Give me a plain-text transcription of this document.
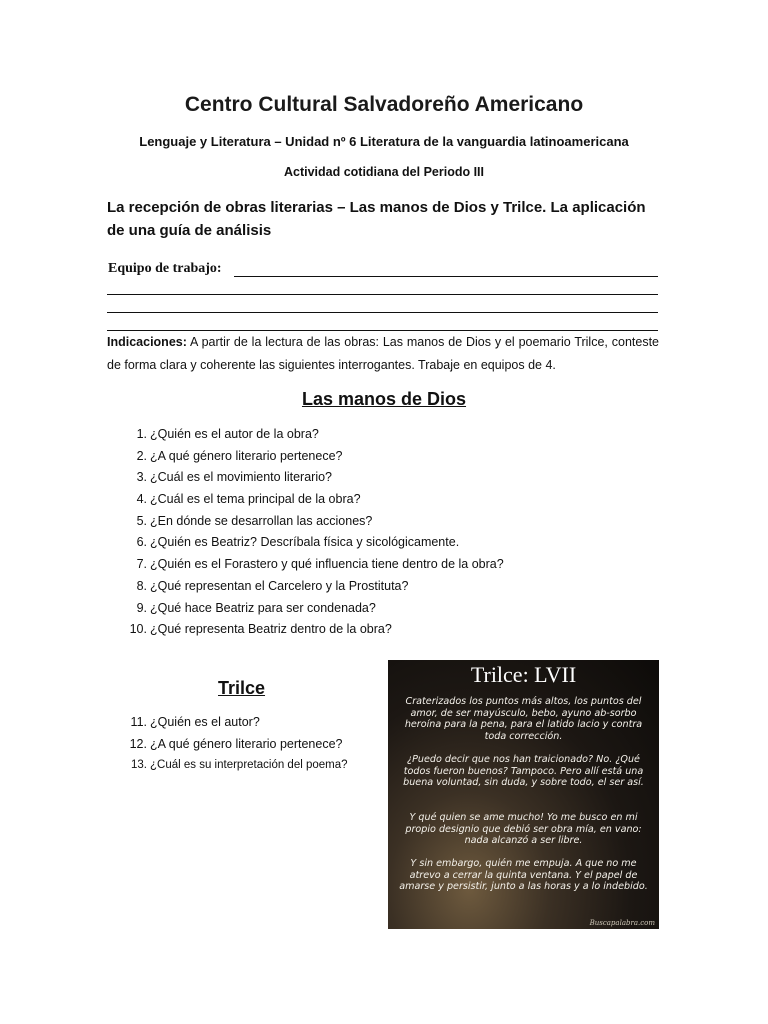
Centro Cultural Salvadoreño Americano
Lenguaje y Literatura – Unidad nº 6 Literatura de la vanguardia latinoamericana
Actividad cotidiana del Periodo III
La recepción de obras literarias – Las manos de Dios y Trilce. La aplicación de una guía de análisis
Equipo de trabajo:
Indicaciones: A partir de la lectura de las obras: Las manos de Dios y el poemario Trilce, conteste de forma clara y coherente las siguientes interrogantes. Trabaje en equipos de 4.
Las manos de Dios
1. ¿Quién es el autor de la obra?
2. ¿A qué género literario pertenece?
3. ¿Cuál es el movimiento literario?
4. ¿Cuál es el tema principal de la obra?
5. ¿En dónde se desarrollan las acciones?
6. ¿Quién es Beatriz? Descríbala física y sicológicamente.
7. ¿Quién es el Forastero y qué influencia tiene dentro de la obra?
8. ¿Qué representan el Carcelero y la Prostituta?
9. ¿Qué hace Beatriz para ser condenada?
10. ¿Qué representa Beatriz dentro de la obra?
Trilce
11. ¿Quién es el autor?
12. ¿A qué género literario pertenece?
13. ¿Cuál es su interpretación del poema?
Trilce: LVII
Craterizados los puntos más altos, los puntos del amor, de ser mayúsculo, bebo, ayuno ab-sorbo heroína para la pena, para el latido lacio y contra toda corrección.
¿Puedo decir que nos han traicionado? No. ¿Qué todos fueron buenos? Tampoco. Pero allí está una buena voluntad, sin duda, y sobre todo, el ser así.
Y qué quien se ame mucho! Yo me busco en mi propio designio que debió ser obra mía, en vano: nada alcanzó a ser libre.
Y sin embargo, quién me empuja. A que no me atrevo a cerrar la quinta ventana. Y el papel de amarse y persistir, junto a las horas y a lo indebido.
Buscapalabra.com
